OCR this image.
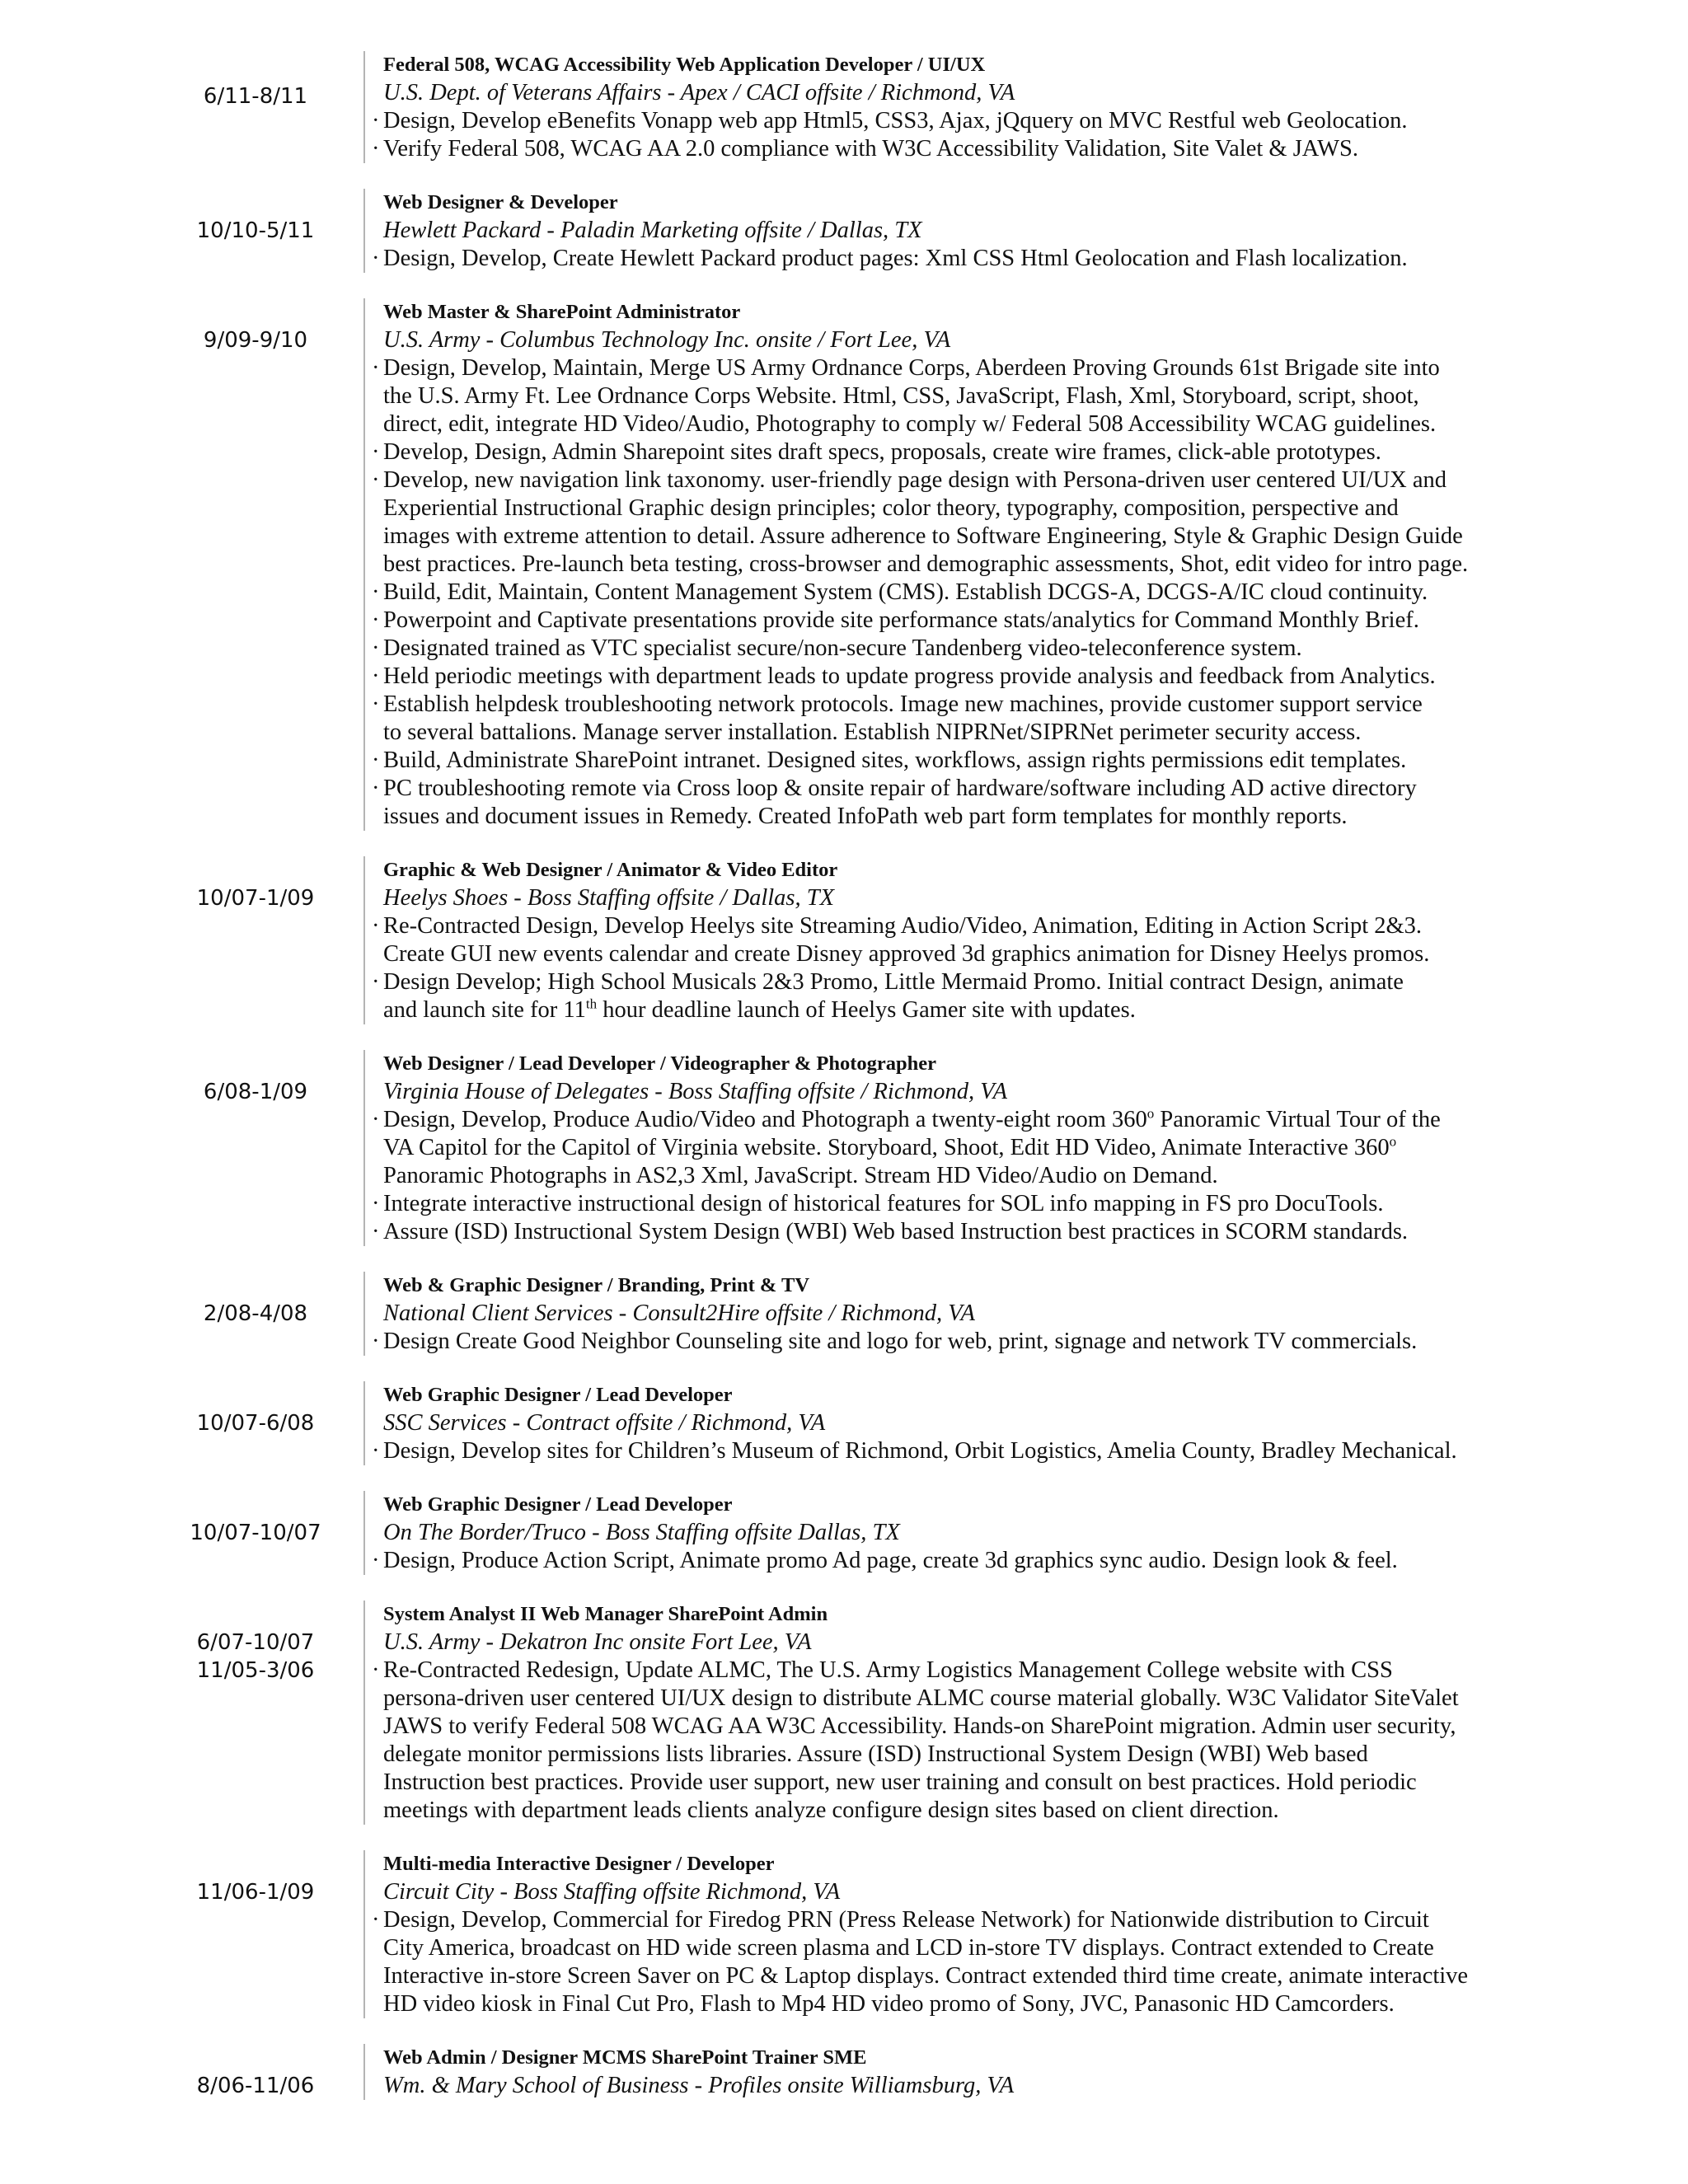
6/11-8/11
Federal 508, WCAG Accessibility Web Application Developer / UI/UX
U.S. Dept. of Veterans Affairs - Apex / CACI offsite / Richmond, VA
· Design, Develop eBenefits Vonapp web app Html5, CSS3, Ajax, jQquery on MVC Restful web Geolocation.
· Verify Federal 508, WCAG AA 2.0 compliance with W3C Accessibility Validation, Site Valet & JAWS.
10/10-5/11
Web Designer & Developer
Hewlett Packard - Paladin Marketing offsite / Dallas, TX
· Design, Develop, Create Hewlett Packard product pages: Xml CSS Html Geolocation and Flash localization.
9/09-9/10
Web Master & SharePoint Administrator
U.S. Army - Columbus Technology Inc. onsite / Fort Lee, VA
· Design, Develop, Maintain, Merge US Army Ordnance Corps, Aberdeen Proving Grounds 61st Brigade site into
the U.S. Army Ft. Lee Ordnance Corps Website. Html, CSS, JavaScript, Flash, Xml, Storyboard, script, shoot,
direct, edit, integrate HD Video/Audio, Photography to comply w/ Federal 508 Accessibility WCAG guidelines.
· Develop, Design, Admin Sharepoint sites draft specs, proposals, create wire frames, click-able prototypes.
· Develop, new navigation link taxonomy. user-friendly page design with Persona-driven user centered UI/UX and
Experiential Instructional Graphic design principles; color theory, typography, composition, perspective and
images with extreme attention to detail. Assure adherence to Software Engineering, Style & Graphic Design Guide
best practices. Pre-launch beta testing, cross-browser and demographic assessments, Shot, edit video for intro page.
· Build, Edit, Maintain, Content Management System (CMS). Establish DCGS-A, DCGS-A/IC cloud continuity.
· Powerpoint and Captivate presentations provide site performance stats/analytics for Command Monthly Brief.
· Designated trained as VTC specialist secure/non-secure Tandenberg video-teleconference system.
· Held periodic meetings with department leads to update progress provide analysis and feedback from Analytics.
· Establish helpdesk troubleshooting network protocols. Image new machines, provide customer support service
to several battalions. Manage server installation. Establish NIPRNet/SIPRNet perimeter security access.
· Build, Administrate SharePoint intranet. Designed sites, workflows, assign rights permissions edit templates.
· PC troubleshooting remote via Cross loop & onsite repair of hardware/software including AD active directory
issues and document issues in Remedy. Created InfoPath web part form templates for monthly reports.
10/07-1/09
Graphic & Web Designer / Animator & Video Editor
Heelys Shoes - Boss Staffing offsite / Dallas, TX
· Re-Contracted Design, Develop Heelys site Streaming Audio/Video, Animation, Editing in Action Script 2&3.
Create GUI new events calendar and create Disney approved 3d graphics animation for Disney Heelys promos.
· Design Develop; High School Musicals 2&3 Promo, Little Mermaid Promo. Initial contract Design, animate
and launch site for 11th hour deadline launch of Heelys Gamer site with updates.
6/08-1/09
Web Designer / Lead Developer / Videographer & Photographer
Virginia House of Delegates - Boss Staffing offsite / Richmond, VA
· Design, Develop, Produce Audio/Video and Photograph a twenty-eight room 360$^o$ Panoramic Virtual Tour of the
VA Capitol for the Capitol of Virginia website. Storyboard, Shoot, Edit HD Video, Animate Interactive 360$^o$
Panoramic Photographs in AS2,3 Xml, JavaScript. Stream HD Video/Audio on Demand.
· Integrate interactive instructional design of historical features for SOL info mapping in FS pro DocuTools.
· Assure (ISD) Instructional System Design (WBI) Web based Instruction best practices in SCORM standards.
2/08-4/08
Web & Graphic Designer / Branding, Print & TV
National Client Services - Consult2Hire offsite / Richmond, VA
· Design Create Good Neighbor Counseling site and logo for web, print, signage and network TV commercials.
10/07-6/08
Web Graphic Designer / Lead Developer
SSC Services - Contract offsite / Richmond, VA
· Design, Develop sites for Children’s Museum of Richmond, Orbit Logistics, Amelia County, Bradley Mechanical.
10/07-10/07
Web Graphic Designer / Lead Developer
On The Border/Truco - Boss Staffing offsite Dallas, TX
· Design, Produce Action Script, Animate promo Ad page, create 3d graphics sync audio. Design look & feel.
6/07-10/07
11/05-3/06
System Analyst II Web Manager SharePoint Admin
U.S. Army - Dekatron Inc onsite Fort Lee, VA
· Re-Contracted Redesign, Update ALMC, The U.S. Army Logistics Management College website with CSS
persona-driven user centered UI/UX design to distribute ALMC course material globally. W3C Validator SiteValet
JAWS to verify Federal 508 WCAG AA W3C Accessibility. Hands-on SharePoint migration. Admin user security,
delegate monitor permissions lists libraries. Assure (ISD) Instructional System Design (WBI) Web based
Instruction best practices. Provide user support, new user training and consult on best practices. Hold periodic
meetings with department leads clients analyze configure design sites based on client direction.
11/06-1/09
Multi-media Interactive Designer / Developer
Circuit City - Boss Staffing offsite Richmond, VA
· Design, Develop, Commercial for Firedog PRN (Press Release Network) for Nationwide distribution to Circuit
City America, broadcast on HD wide screen plasma and LCD in-store TV displays. Contract extended to Create
Interactive in-store Screen Saver on PC & Laptop displays. Contract extended third time create, animate interactive
HD video kiosk in Final Cut Pro, Flash to Mp4 HD video promo of Sony, JVC, Panasonic HD Camcorders.
8/06-11/06
Web Admin / Designer MCMS SharePoint Trainer SME
Wm. & Mary School of Business - Profiles onsite Williamsburg, VA
